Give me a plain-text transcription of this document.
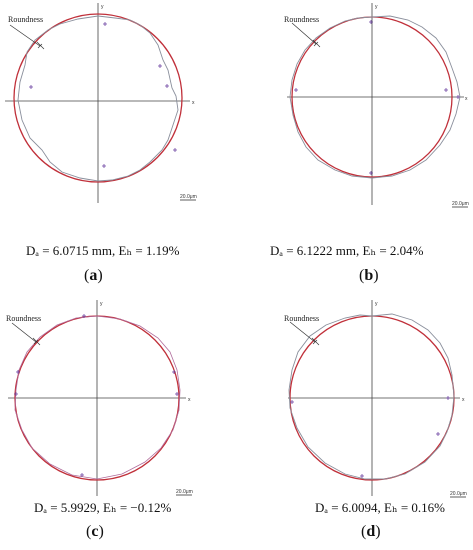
x
y
Roundness
20.0μm
x
y
Roundness
20.0μm
x
y
Roundness
20.0μm
x
y
Roundness
20.0μm
Dₐ = 6.0715 mm, Eₕ = 1.19%
(a)
Dₐ = 6.1222 mm, Eₕ = 2.04%
(b)
Dₐ = 5.9929, Eₕ = −0.12%
(c)
Dₐ = 6.0094, Eₕ = 0.16%
(d)
